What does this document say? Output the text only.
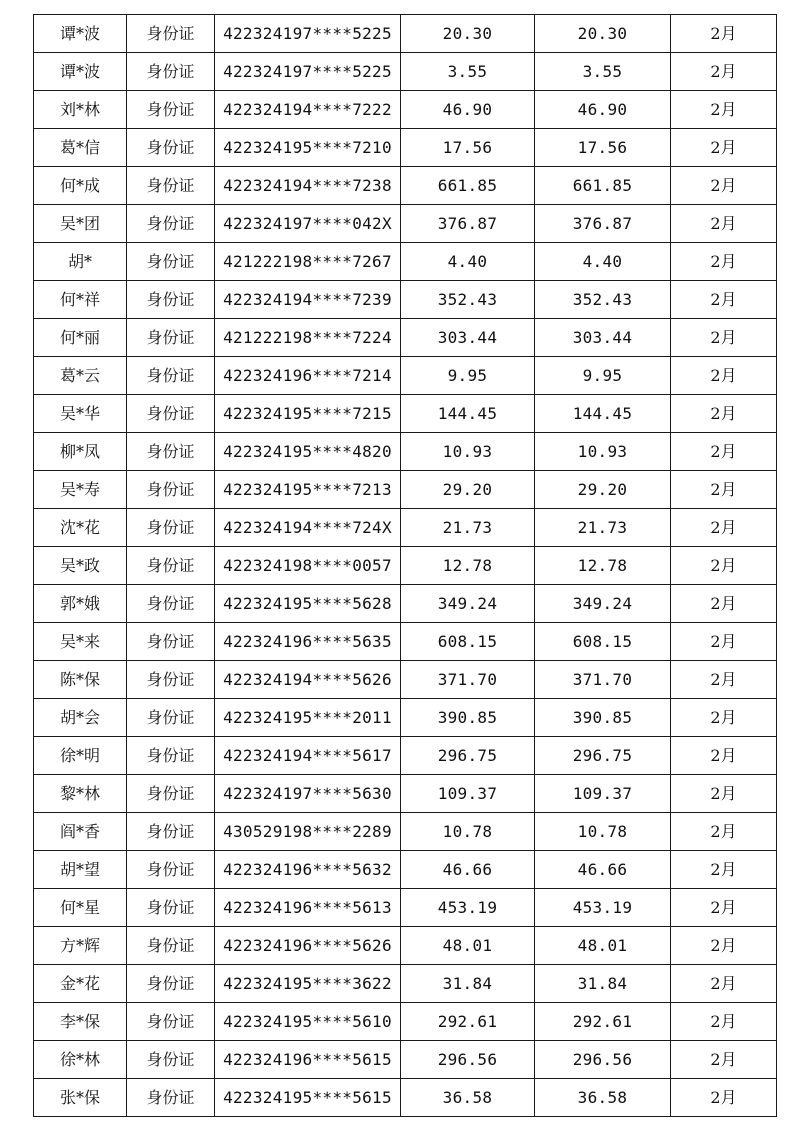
谭*波	身份证	422324197****5225	20.30	20.30	2月
谭*波	身份证	422324197****5225	3.55	3.55	2月
刘*林	身份证	422324194****7222	46.90	46.90	2月
葛*信	身份证	422324195****7210	17.56	17.56	2月
何*成	身份证	422324194****7238	661.85	661.85	2月
吴*团	身份证	422324197****042X	376.87	376.87	2月
胡*	身份证	421222198****7267	4.40	4.40	2月
何*祥	身份证	422324194****7239	352.43	352.43	2月
何*丽	身份证	421222198****7224	303.44	303.44	2月
葛*云	身份证	422324196****7214	9.95	9.95	2月
吴*华	身份证	422324195****7215	144.45	144.45	2月
柳*凤	身份证	422324195****4820	10.93	10.93	2月
吴*寿	身份证	422324195****7213	29.20	29.20	2月
沈*花	身份证	422324194****724X	21.73	21.73	2月
吴*政	身份证	422324198****0057	12.78	12.78	2月
郭*娥	身份证	422324195****5628	349.24	349.24	2月
吴*来	身份证	422324196****5635	608.15	608.15	2月
陈*保	身份证	422324194****5626	371.70	371.70	2月
胡*会	身份证	422324195****2011	390.85	390.85	2月
徐*明	身份证	422324194****5617	296.75	296.75	2月
黎*林	身份证	422324197****5630	109.37	109.37	2月
阎*香	身份证	430529198****2289	10.78	10.78	2月
胡*望	身份证	422324196****5632	46.66	46.66	2月
何*星	身份证	422324196****5613	453.19	453.19	2月
方*辉	身份证	422324196****5626	48.01	48.01	2月
金*花	身份证	422324195****3622	31.84	31.84	2月
李*保	身份证	422324195****5610	292.61	292.61	2月
徐*林	身份证	422324196****5615	296.56	296.56	2月
张*保	身份证	422324195****5615	36.58	36.58	2月
